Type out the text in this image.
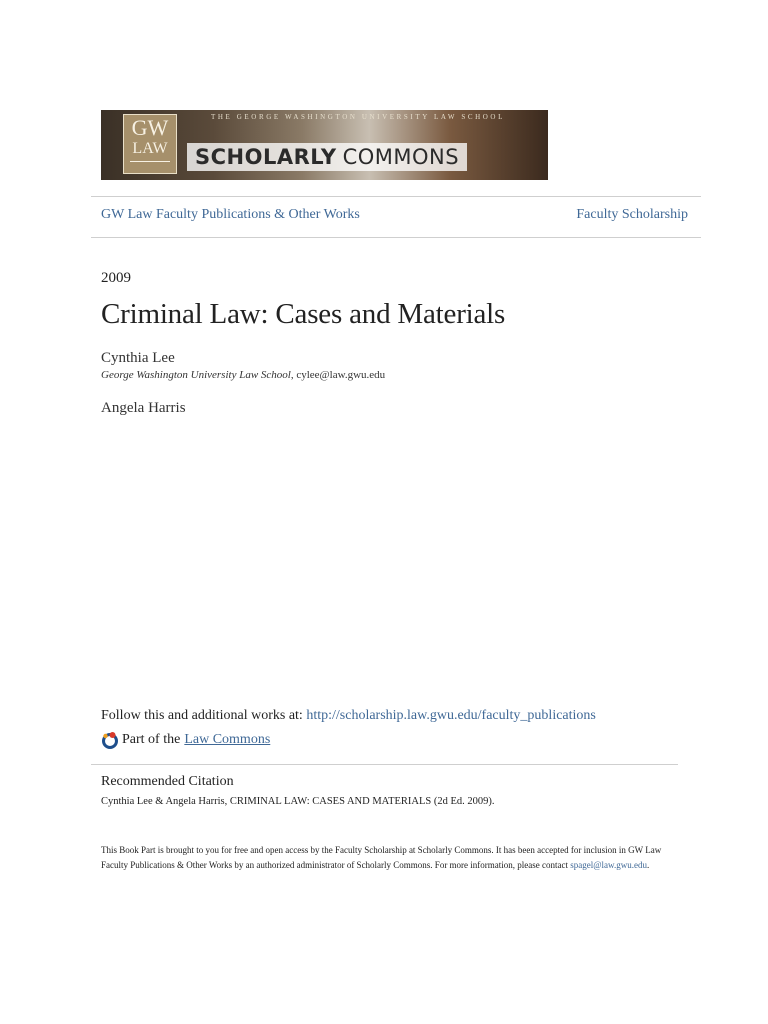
GW
LAW
THE GEORGE WASHINGTON UNIVERSITY LAW SCHOOL
SCHOLARLY COMMONS
GW Law Faculty Publications & Other Works	Faculty Scholarship
2009
Criminal Law: Cases and Materials
Cynthia Lee
George Washington University Law School, cylee@law.gwu.edu
Angela Harris
Follow this and additional works at: http://scholarship.law.gwu.edu/faculty_publications
Part of the Law Commons
Recommended Citation
Cynthia Lee & Angela Harris, CRIMINAL LAW: CASES AND MATERIALS (2d Ed. 2009).
This Book Part is brought to you for free and open access by the Faculty Scholarship at Scholarly Commons. It has been accepted for inclusion in GW Law Faculty Publications & Other Works by an authorized administrator of Scholarly Commons. For more information, please contact spagel@law.gwu.edu.
